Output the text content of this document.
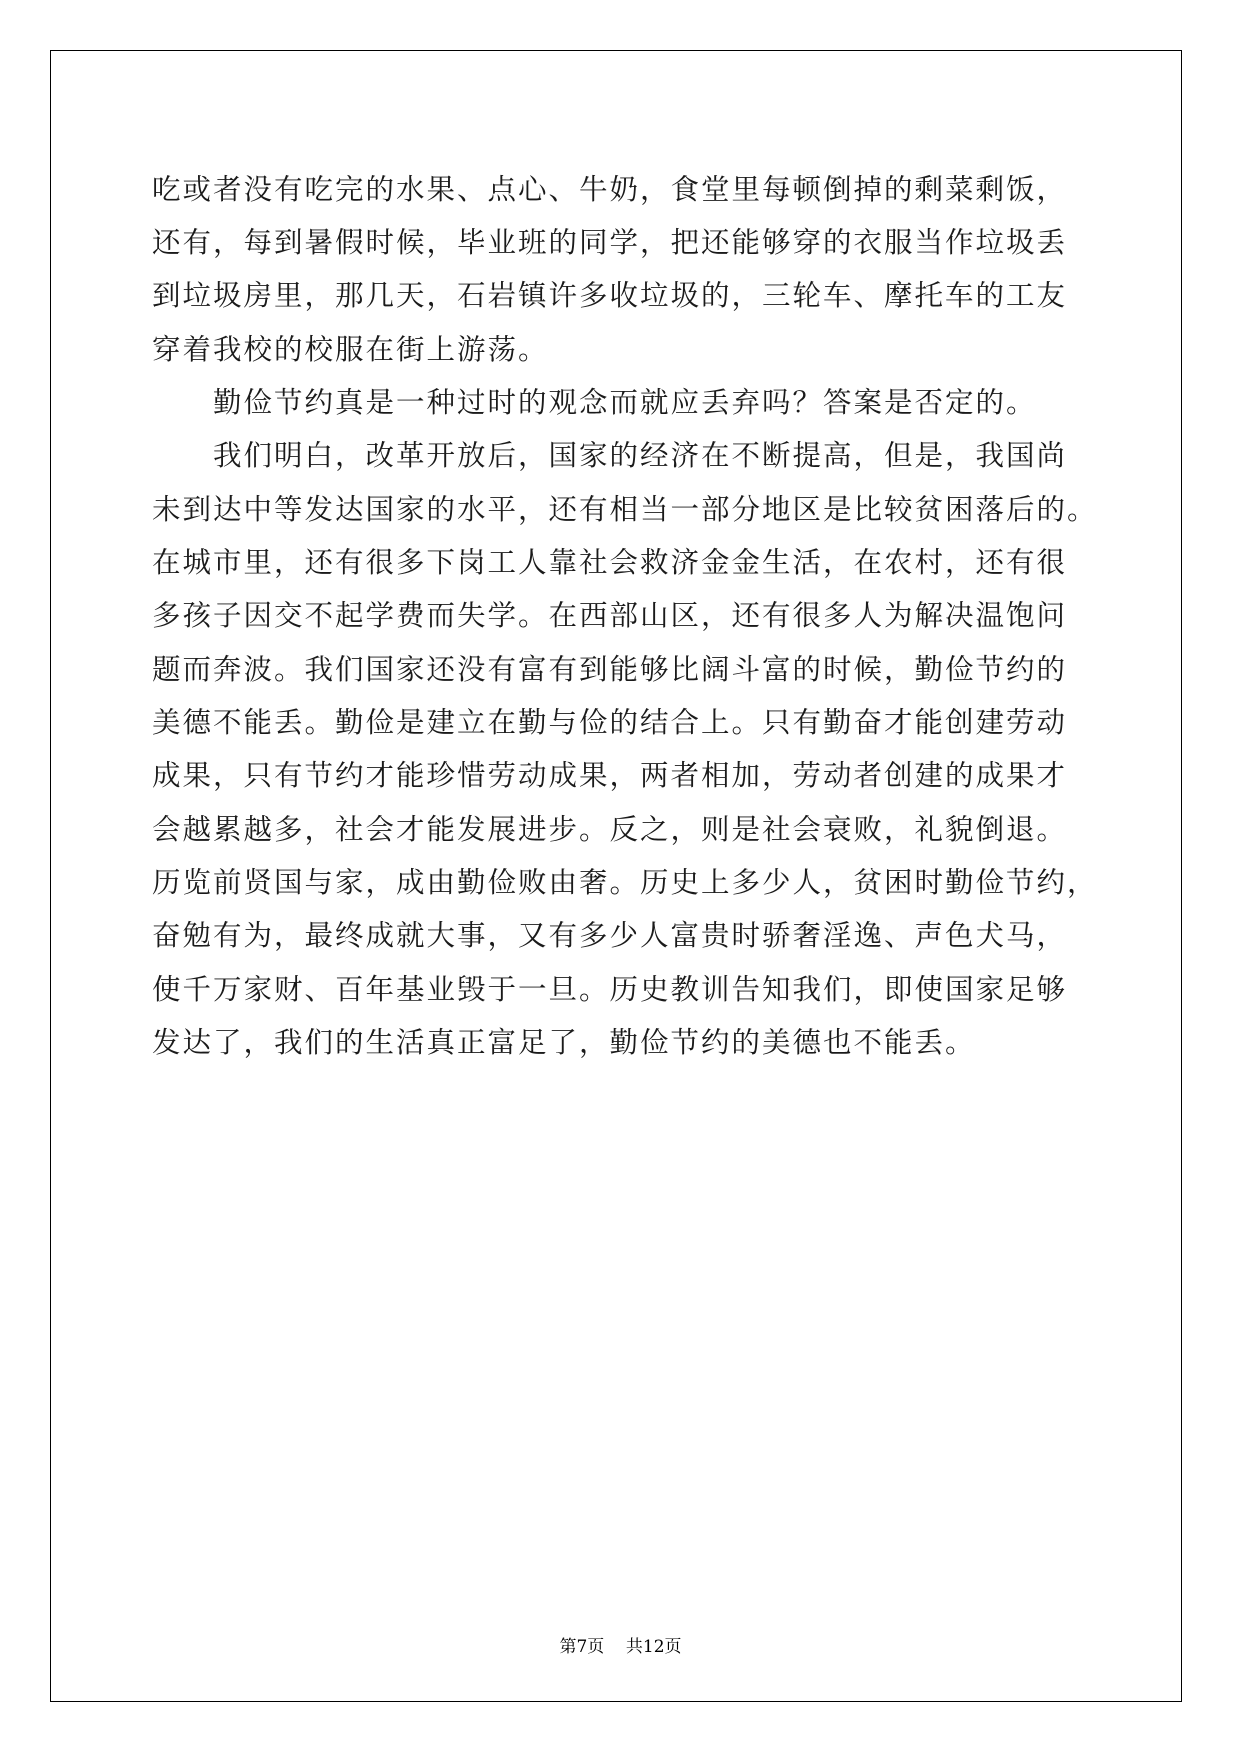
吃或者没有吃完的水果、点心、牛奶，食堂里每顿倒掉的剩菜剩饭，
还有，每到暑假时候，毕业班的同学，把还能够穿的衣服当作垃圾丢
到垃圾房里，那几天，石岩镇许多收垃圾的，三轮车、摩托车的工友
穿着我校的校服在街上游荡。
勤俭节约真是一种过时的观念而就应丢弃吗？答案是否定的。
我们明白，改革开放后，国家的经济在不断提高，但是，我国尚
未到达中等发达国家的水平，还有相当一部分地区是比较贫困落后的。
在城市里，还有很多下岗工人靠社会救济金金生活，在农村，还有很
多孩子因交不起学费而失学。在西部山区，还有很多人为解决温饱问
题而奔波。我们国家还没有富有到能够比阔斗富的时候，勤俭节约的
美德不能丢。勤俭是建立在勤与俭的结合上。只有勤奋才能创建劳动
成果，只有节约才能珍惜劳动成果，两者相加，劳动者创建的成果才
会越累越多，社会才能发展进步。反之，则是社会衰败，礼貌倒退。
历览前贤国与家，成由勤俭败由奢。历史上多少人，贫困时勤俭节约，
奋勉有为，最终成就大事，又有多少人富贵时骄奢淫逸、声色犬马，
使千万家财、百年基业毁于一旦。历史教训告知我们，即使国家足够
发达了，我们的生活真正富足了，勤俭节约的美德也不能丢。
第7页    共12页
